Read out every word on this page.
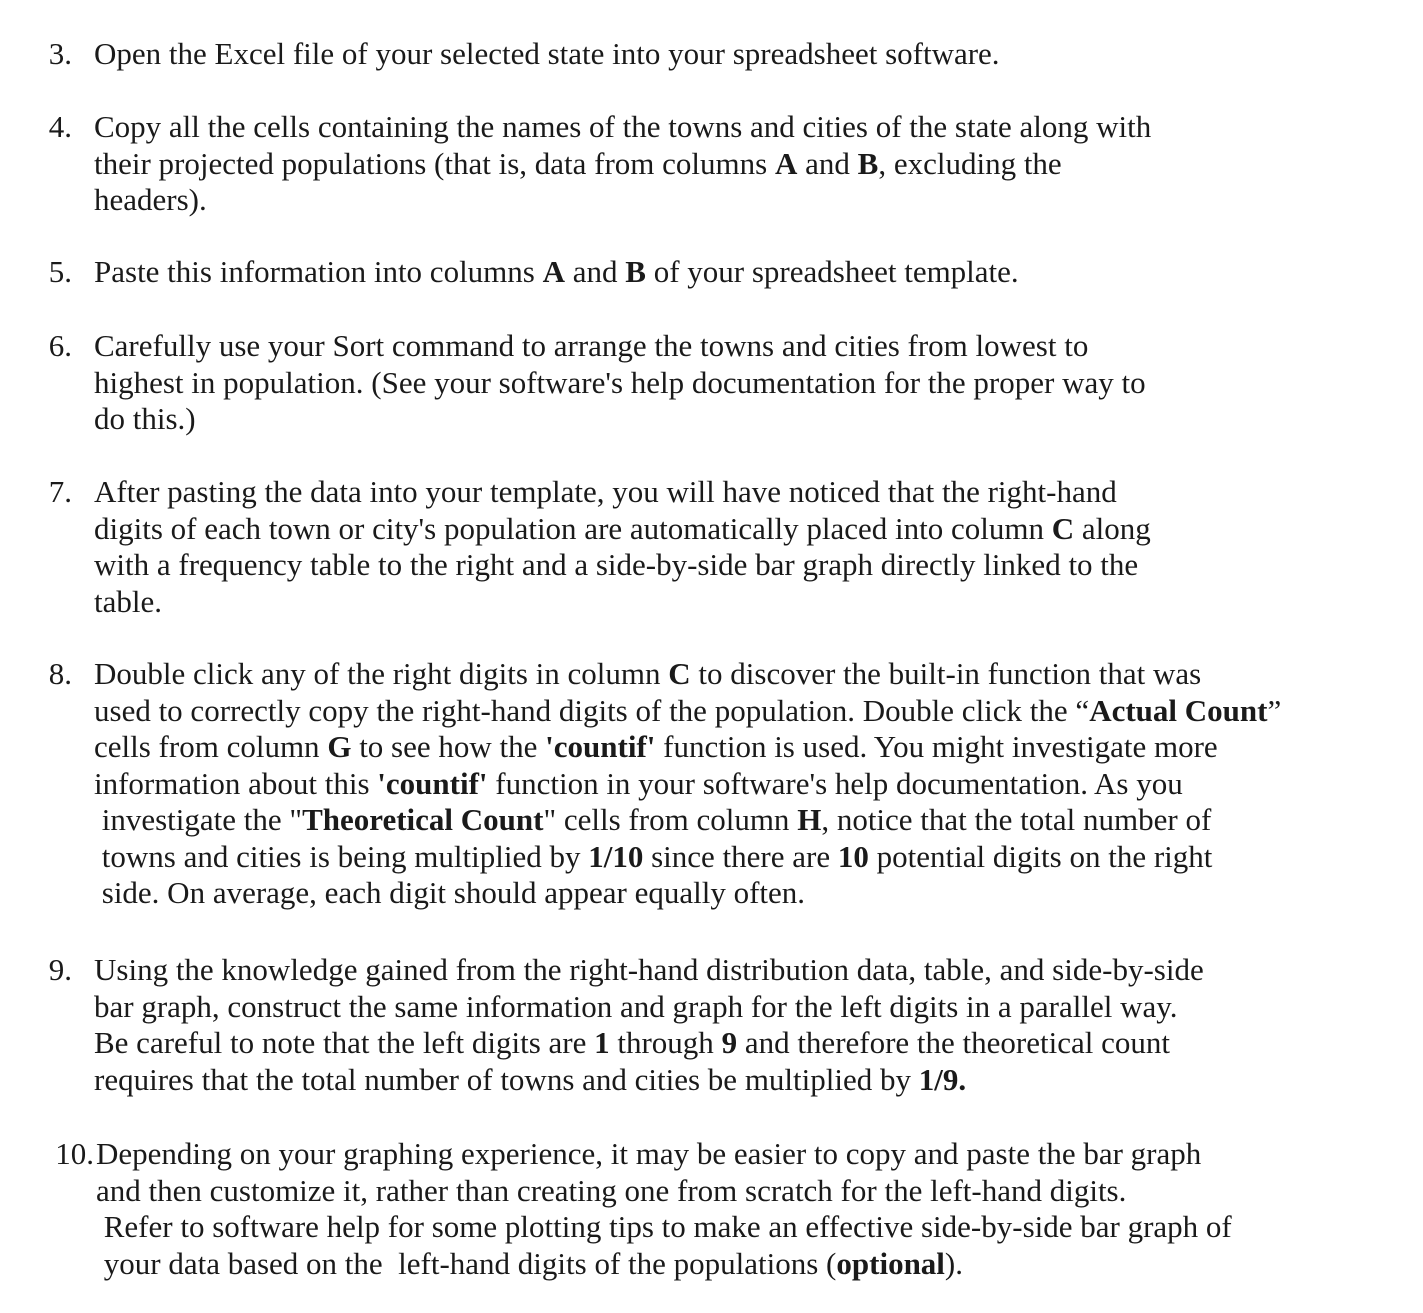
3. Open the Excel file of your selected state into your spreadsheet software.
4. Copy all the cells containing the names of the towns and cities of the state along with
their projected populations (that is, data from columns A and B, excluding the
headers).
5. Paste this information into columns A and B of your spreadsheet template.
6. Carefully use your Sort command to arrange the towns and cities from lowest to
highest in population. (See your software's help documentation for the proper way to
do this.)
7. After pasting the data into your template, you will have noticed that the right-hand
digits of each town or city's population are automatically placed into column C along
with a frequency table to the right and a side-by-side bar graph directly linked to the
table.
8. Double click any of the right digits in column C to discover the built-in function that was
used to correctly copy the right-hand digits of the population. Double click the “Actual Count”
cells from column G to see how the 'countif' function is used. You might investigate more
information about this 'countif' function in your software's help documentation. As you
investigate the "Theoretical Count" cells from column H, notice that the total number of
towns and cities is being multiplied by 1/10 since there are 10 potential digits on the right
side. On average, each digit should appear equally often.
9. Using the knowledge gained from the right-hand distribution data, table, and side-by-side
bar graph, construct the same information and graph for the left digits in a parallel way.
Be careful to note that the left digits are 1 through 9 and therefore the theoretical count
requires that the total number of towns and cities be multiplied by 1/9.
10. Depending on your graphing experience, it may be easier to copy and paste the bar graph
and then customize it, rather than creating one from scratch for the left-hand digits.
Refer to software help for some plotting tips to make an effective side-by-side bar graph of
your data based on the  left-hand digits of the populations (optional).
